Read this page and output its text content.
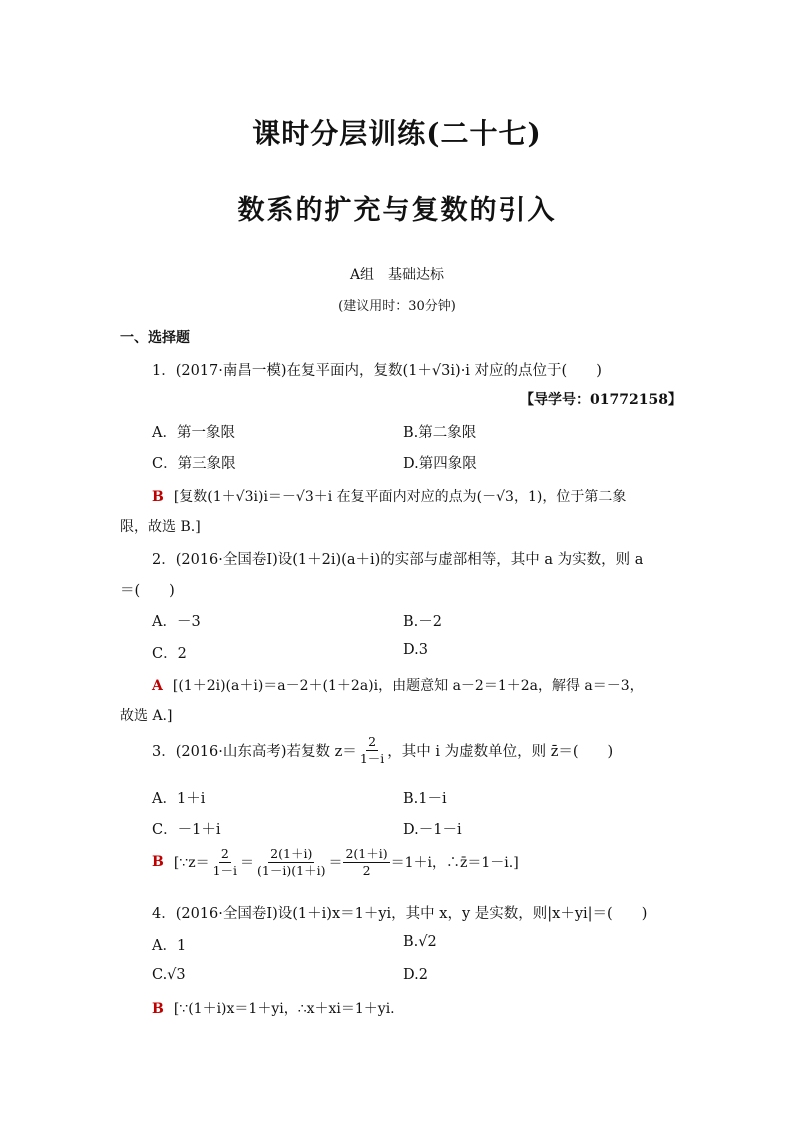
课时分层训练(二十七)
数系的扩充与复数的引入
A组　基础达标
(建议用时：30分钟)
一、选择题
1．(2017·南昌一模)在复平面内，复数(1＋√3i)·i 对应的点位于(　　)
【导学号：01772158】
A．第一象限	B.第二象限
C．第三象限	D.第四象限
B [复数(1＋√3i)i＝－√3＋i 在复平面内对应的点为(－√3，1)，位于第二象
限，故选 B.]
2．(2016·全国卷Ⅰ)设(1＋2i)(a＋i)的实部与虚部相等，其中 a 为实数，则 a
＝(　　)
A．－3	B.－2
C．2	D.3
A [(1＋2i)(a＋i)＝a－2＋(1＋2a)i，由题意知 a－2＝1＋2a，解得 a＝－3，
故选 A.]
3．(2016·山东高考)若复数 $z= \frac{2}{1-i}$ ，其中 i 为虚数单位，则 z̄＝(　　)
A．1＋i	B.1－i
C．－1＋i	D.－1－i
B [∵z＝ $\frac{2}{1-i} = \frac{2(1+i)}{(1-i)(1+i)} = \frac{2(1+i)}{2} =1+i$，∴z̄＝1－i.]
4．(2016·全国卷Ⅰ)设(1＋i)x＝1＋yi，其中 x，y 是实数，则|x＋yi|＝(　　)
A．1	B.√2
C.√3	D.2
B [∵(1＋i)x＝1＋yi，∴x＋xi＝1＋yi.
